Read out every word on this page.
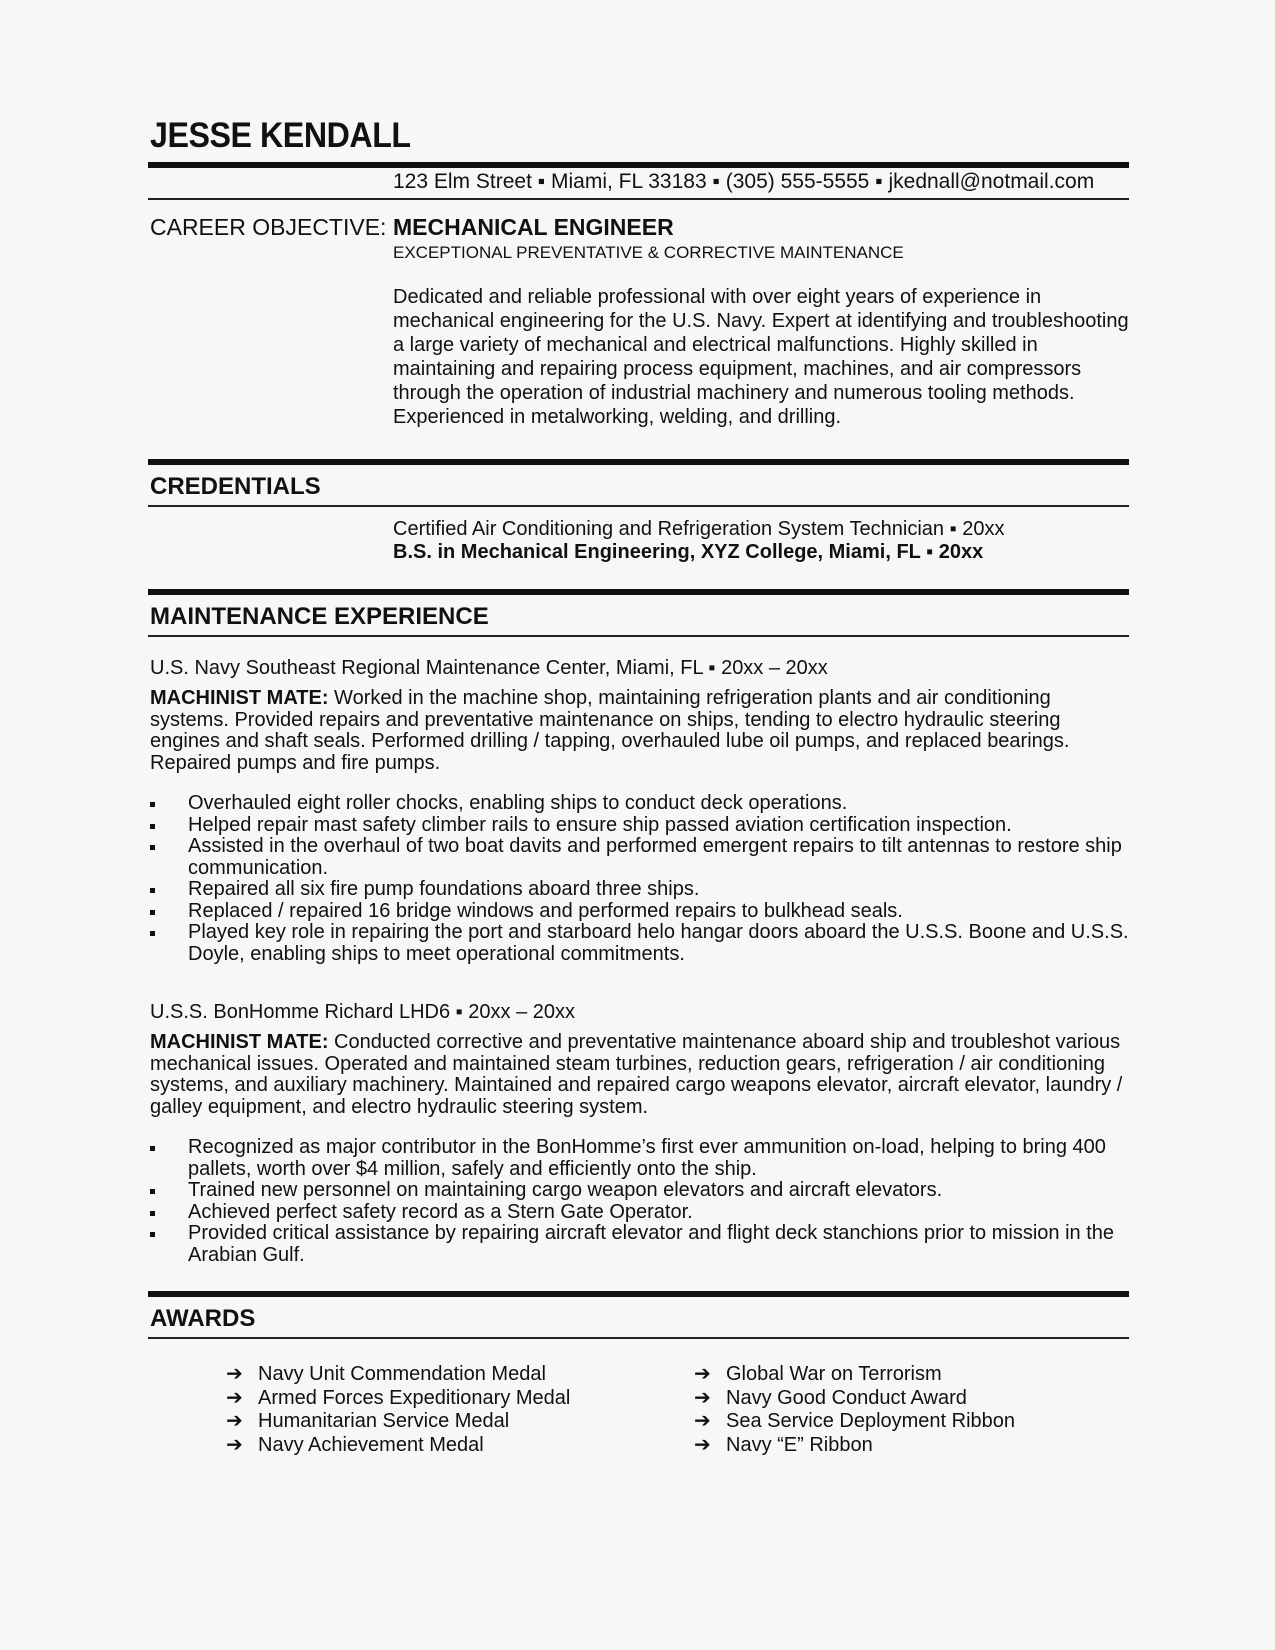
JESSE KENDALL
123 Elm Street ▪ Miami, FL 33183 ▪ (305) 555-5555 ▪ jkednall@notmail.com
CAREER OBJECTIVE: MECHANICAL ENGINEER
EXCEPTIONAL PREVENTATIVE & CORRECTIVE MAINTENANCE
Dedicated and reliable professional with over eight years of experience in mechanical engineering for the U.S. Navy. Expert at identifying and troubleshooting a large variety of mechanical and electrical malfunctions. Highly skilled in maintaining and repairing process equipment, machines, and air compressors through the operation of industrial machinery and numerous tooling methods. Experienced in metalworking, welding, and drilling.
CREDENTIALS
Certified Air Conditioning and Refrigeration System Technician ▪ 20xx
B.S. in Mechanical Engineering, XYZ College, Miami, FL ▪ 20xx
MAINTENANCE EXPERIENCE
U.S. Navy Southeast Regional Maintenance Center, Miami, FL ▪ 20xx – 20xx
MACHINIST MATE: Worked in the machine shop, maintaining refrigeration plants and air conditioning systems. Provided repairs and preventative maintenance on ships, tending to electro hydraulic steering engines and shaft seals. Performed drilling / tapping, overhauled lube oil pumps, and replaced bearings. Repaired pumps and fire pumps.
Overhauled eight roller chocks, enabling ships to conduct deck operations.
Helped repair mast safety climber rails to ensure ship passed aviation certification inspection.
Assisted in the overhaul of two boat davits and performed emergent repairs to tilt antennas to restore ship communication.
Repaired all six fire pump foundations aboard three ships.
Replaced / repaired 16 bridge windows and performed repairs to bulkhead seals.
Played key role in repairing the port and starboard helo hangar doors aboard the U.S.S. Boone and U.S.S. Doyle, enabling ships to meet operational commitments.
U.S.S. BonHomme Richard LHD6 ▪ 20xx – 20xx
MACHINIST MATE: Conducted corrective and preventative maintenance aboard ship and troubleshot various mechanical issues. Operated and maintained steam turbines, reduction gears, refrigeration / air conditioning systems, and auxiliary machinery. Maintained and repaired cargo weapons elevator, aircraft elevator, laundry / galley equipment, and electro hydraulic steering system.
Recognized as major contributor in the BonHomme’s first ever ammunition on-load, helping to bring 400 pallets, worth over $4 million, safely and efficiently onto the ship.
Trained new personnel on maintaining cargo weapon elevators and aircraft elevators.
Achieved perfect safety record as a Stern Gate Operator.
Provided critical assistance by repairing aircraft elevator and flight deck stanchions prior to mission in the Arabian Gulf.
AWARDS
➔ Navy Unit Commendation Medal
➔ Armed Forces Expeditionary Medal
➔ Humanitarian Service Medal
➔ Navy Achievement Medal
➔ Global War on Terrorism
➔ Navy Good Conduct Award
➔ Sea Service Deployment Ribbon
➔ Navy “E” Ribbon
